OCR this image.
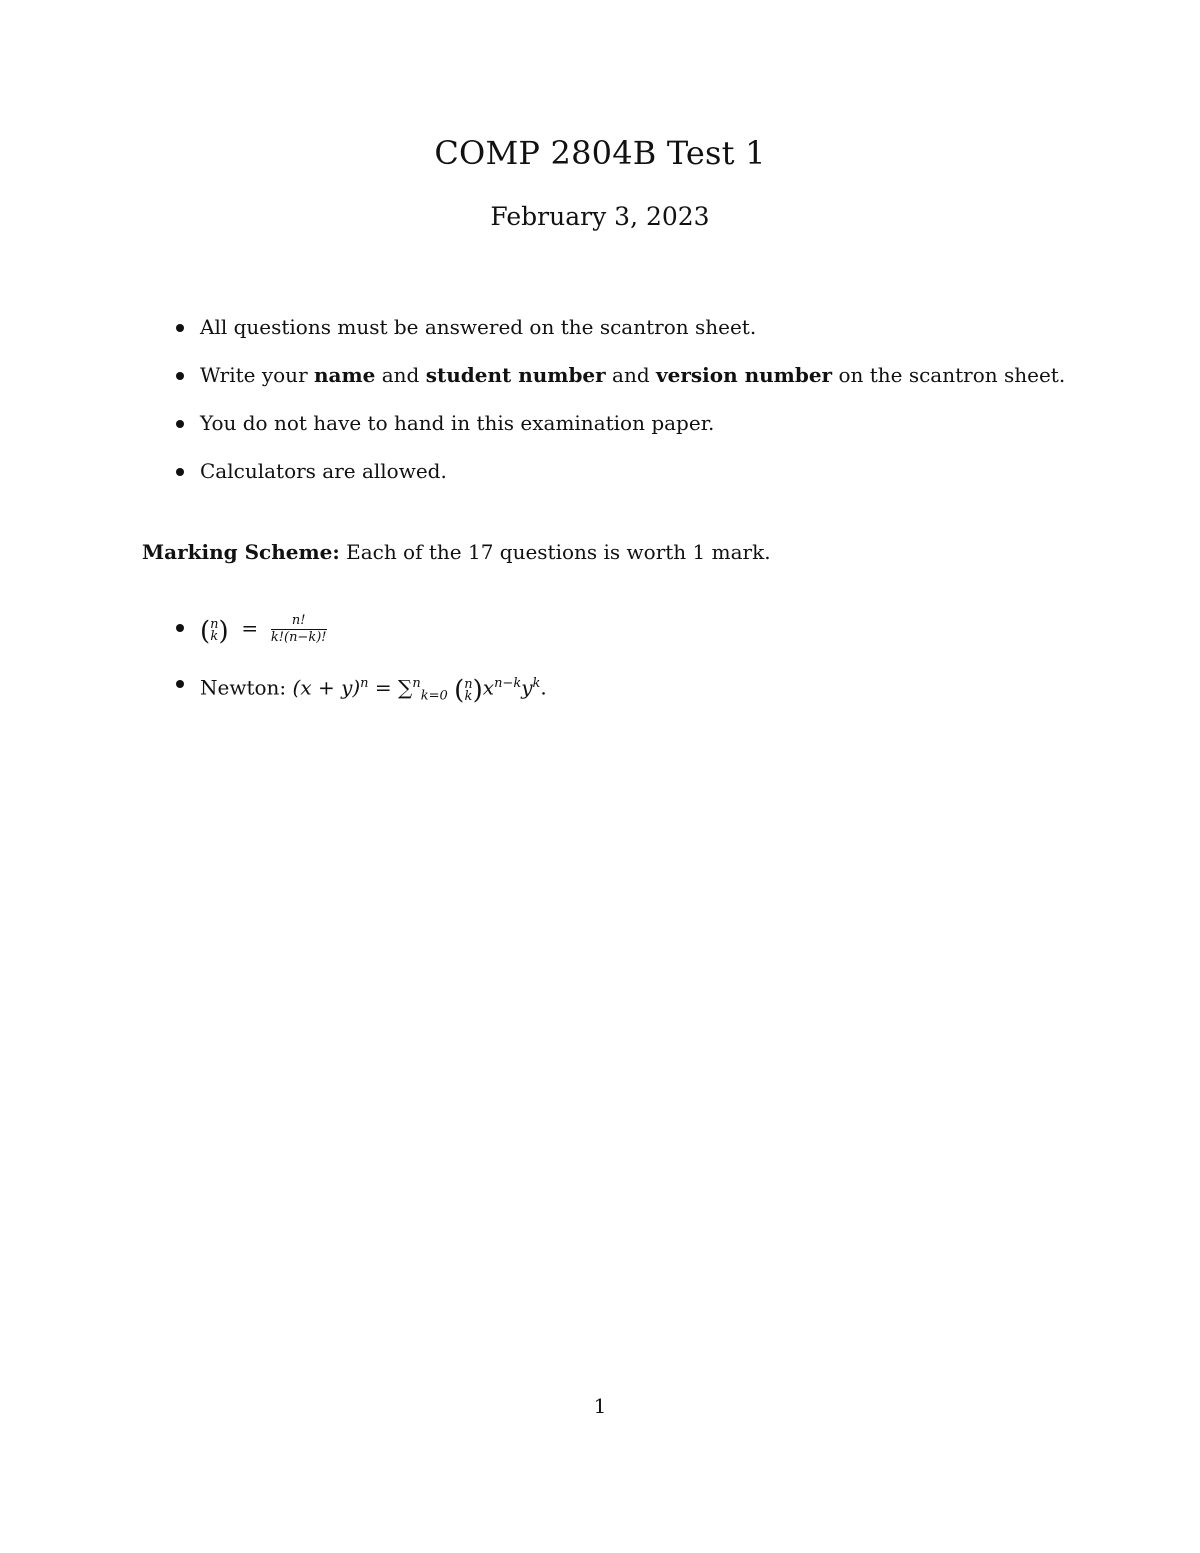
COMP 2804B Test 1
February 3, 2023
All questions must be answered on the scantron sheet.
Write your name and student number and version number on the scantron sheet.
You do not have to hand in this examination paper.
Calculators are allowed.
Marking Scheme: Each of the 17 questions is worth 1 mark.
(n
$k) = \frac{n!}{k!(n-k)!}$
Newton: $(x + y)^n = \sum^n_{k=0}$ (n
$k)x^{n-k}y^k$.
1
